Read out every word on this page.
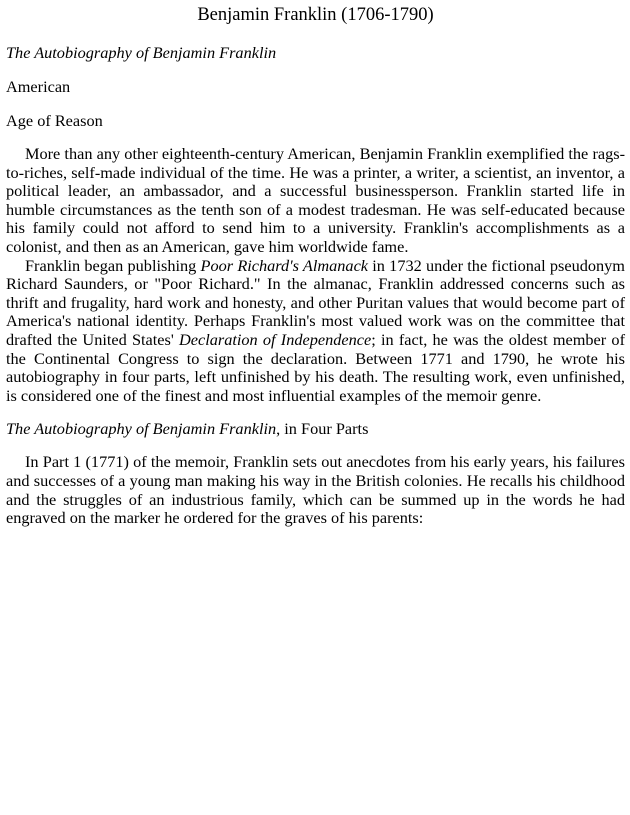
Benjamin Franklin (1706-1790)

The Autobiography of Benjamin Franklin

American

Age of Reason

More than any other eighteenth-century American, Benjamin Franklin exemplified the rags-to-riches, self-made individual of the time. He was a printer, a writer, a scientist, an inventor, a political leader, an ambassador, and a successful businessperson. Franklin started life in humble circumstances as the tenth son of a modest tradesman. He was self-educated because his family could not afford to send him to a university. Franklin's accomplishments as a colonist, and then as an American, gave him worldwide fame.

Franklin began publishing Poor Richard's Almanack in 1732 under the fictional pseudonym Richard Saunders, or "Poor Richard." In the almanac, Franklin addressed concerns such as thrift and frugality, hard work and honesty, and other Puritan values that would become part of America's national identity. Perhaps Franklin's most valued work was on the committee that drafted the United States' Declaration of Independence; in fact, he was the oldest member of the Continental Congress to sign the declaration. Between 1771 and 1790, he wrote his autobiography in four parts, left unfinished by his death. The resulting work, even unfinished, is considered one of the finest and most influential examples of the memoir genre.

The Autobiography of Benjamin Franklin, in Four Parts

In Part 1 (1771) of the memoir, Franklin sets out anecdotes from his early years, his failures and successes of a young man making his way in the British colonies. He recalls his childhood and the struggles of an industrious family, which can be summed up in the words he had engraved on the marker he ordered for the graves of his parents:
